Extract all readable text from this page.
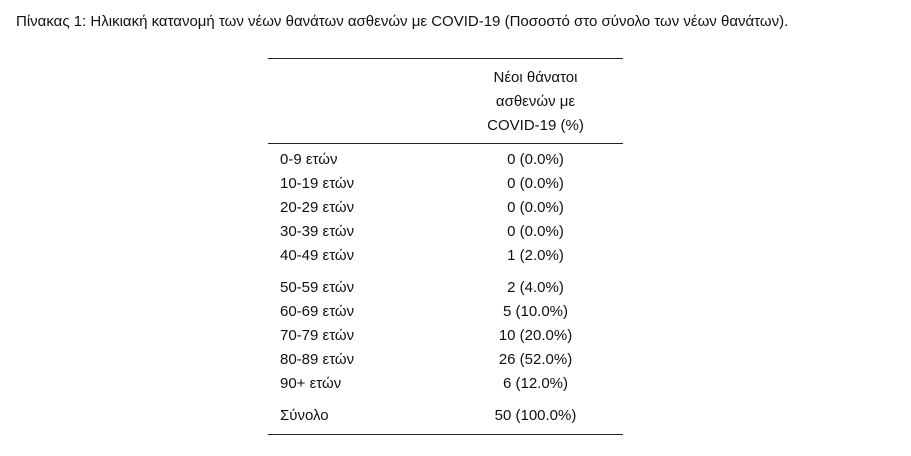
Πίνακας 1: Ηλικιακή κατανομή των νέων θανάτων ασθενών με COVID-19 (Ποσοστό στο σύνολο των νέων θανάτων).
Νέοι θάνατοι
ασθενών με
COVID-19 (%)
0-9 ετών	0 (0.0%)
10-19 ετών	0 (0.0%)
20-29 ετών	0 (0.0%)
30-39 ετών	0 (0.0%)
40-49 ετών	1 (2.0%)
50-59 ετών	2 (4.0%)
60-69 ετών	5 (10.0%)
70-79 ετών	10 (20.0%)
80-89 ετών	26 (52.0%)
90+ ετών	6 (12.0%)
Σύνολο	50 (100.0%)
